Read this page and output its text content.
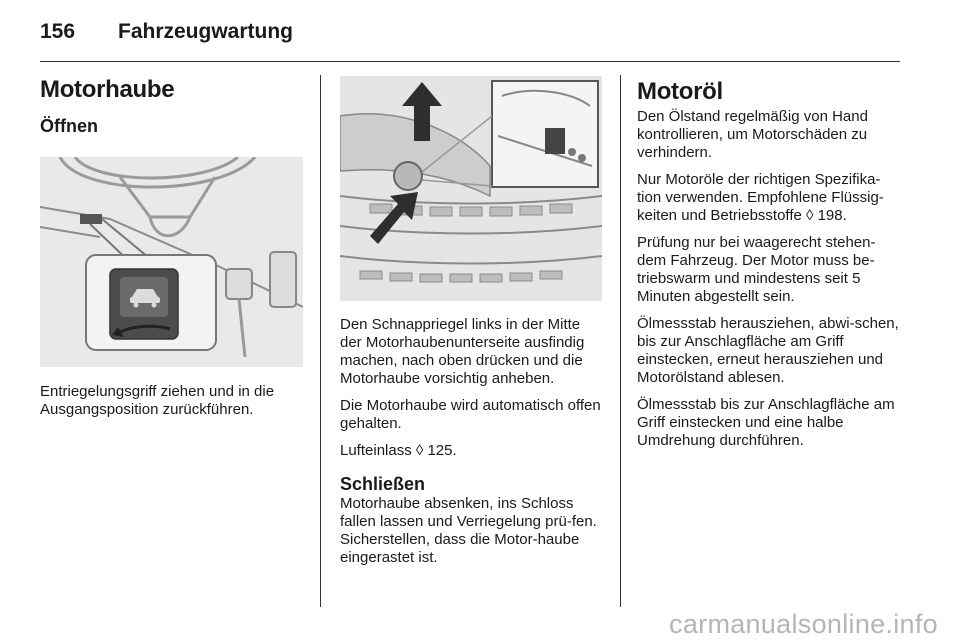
156 Fahrzeugwartung
Motorhaube
Öffnen

Entriegelungsgriff ziehen und in die Ausgangsposition zurückführen.

Den Schnappriegel links in der Mitte der Motorhaubenunterseite ausfindig machen, nach oben drücken und die Motorhaube vorsichtig anheben.

Die Motorhaube wird automatisch offen gehalten.

Lufteinlass ◊ 125.

Schließen

Motorhaube absenken, ins Schloss fallen lassen und Verriegelung prü-fen. Sicherstellen, dass die Motor-haube eingerastet ist.

Motoröl

Den Ölstand regelmäßig von Hand kontrollieren, um Motorschäden zu verhindern.

Nur Motoröle der richtigen Spezifika-tion verwenden. Empfohlene Flüssig-keiten und Betriebsstoffe ◊ 198.

Prüfung nur bei waagerecht stehen-dem Fahrzeug. Der Motor muss be-triebswarm und mindestens seit 5 Minuten abgestellt sein.

Ölmessstab herausziehen, abwi-schen, bis zur Anschlagfläche am Griff einstecken, erneut herausziehen und Motorölstand ablesen.

Ölmessstab bis zur Anschlagfläche am Griff einstecken und eine halbe Umdrehung durchführen.

carmanualsonline.info
